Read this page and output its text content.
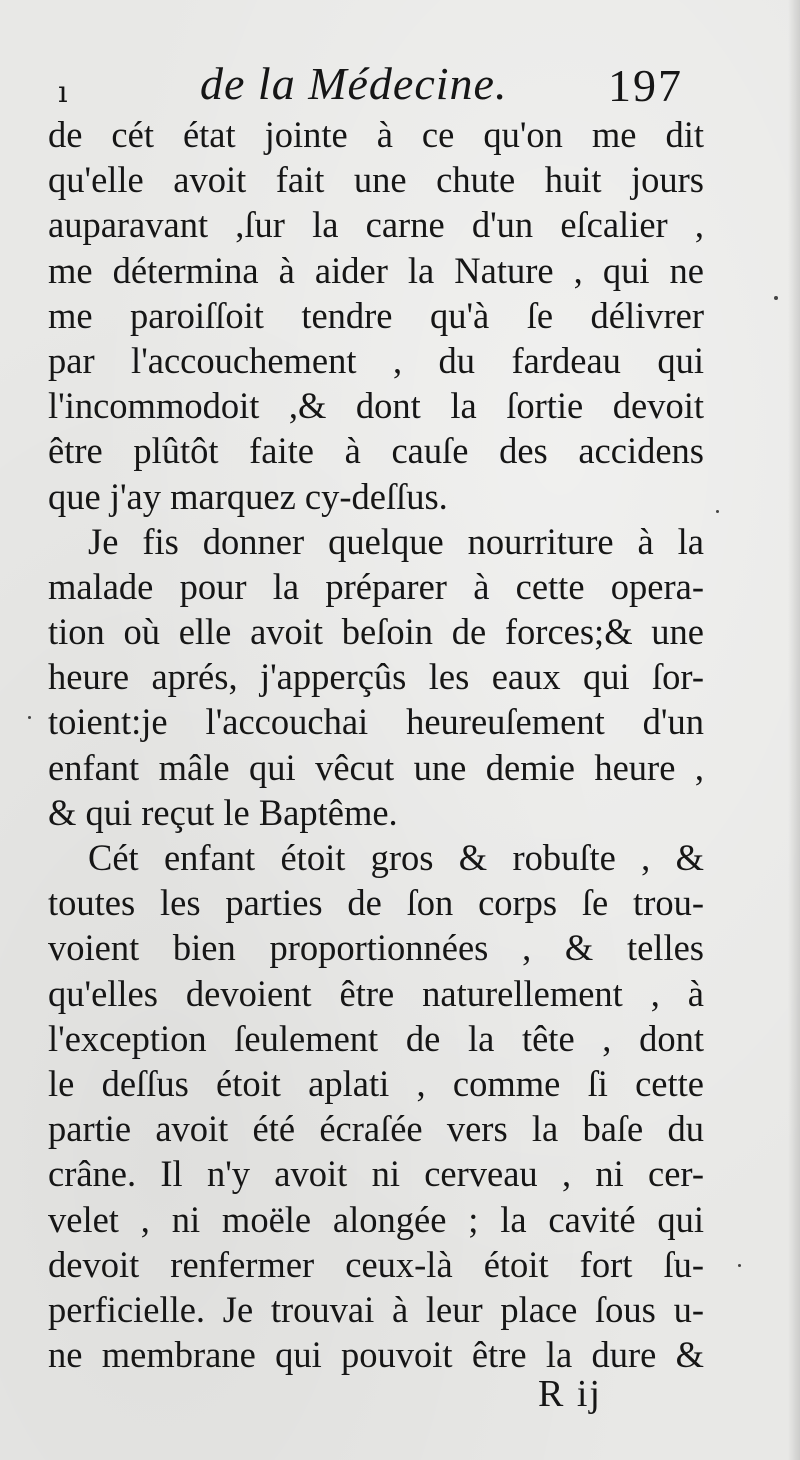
ı	de la Médecine. 197
de cét état jointe à ce qu'on me dit
qu'elle avoit fait une chute huit jours
auparavant ,ſur la carne d'un eſcalier ,
me détermina à aider la Nature , qui ne
me paroiſſoit tendre qu'à ſe délivrer
par l'accouchement , du fardeau qui
l'incommodoit ,& dont la ſortie devoit
être plûtôt faite à cauſe des accidens
que j'ay marquez cy-deſſus.
Je fis donner quelque nourriture à la
malade pour la préparer à cette opera-
tion où elle avoit beſoin de forces;& une
heure aprés, j'apperçûs les eaux qui ſor-
toient:je l'accouchai heureuſement d'un
enfant mâle qui vêcut une demie heure ,
& qui reçut le Baptême.
Cét enfant étoit gros & robuſte , &
toutes les parties de ſon corps ſe trou-
voient bien proportionnées , & telles
qu'elles devoient être naturellement , à
l'exception ſeulement de la tête , dont
le deſſus étoit aplati , comme ſi cette
partie avoit été écraſée vers la baſe du
crâne. Il n'y avoit ni cerveau , ni cer-
velet , ni moële alongée ; la cavité qui
devoit renfermer ceux-là étoit fort ſu-
perficielle. Je trouvai à leur place ſous u-
ne membrane qui pouvoit être la dure &
R ij
